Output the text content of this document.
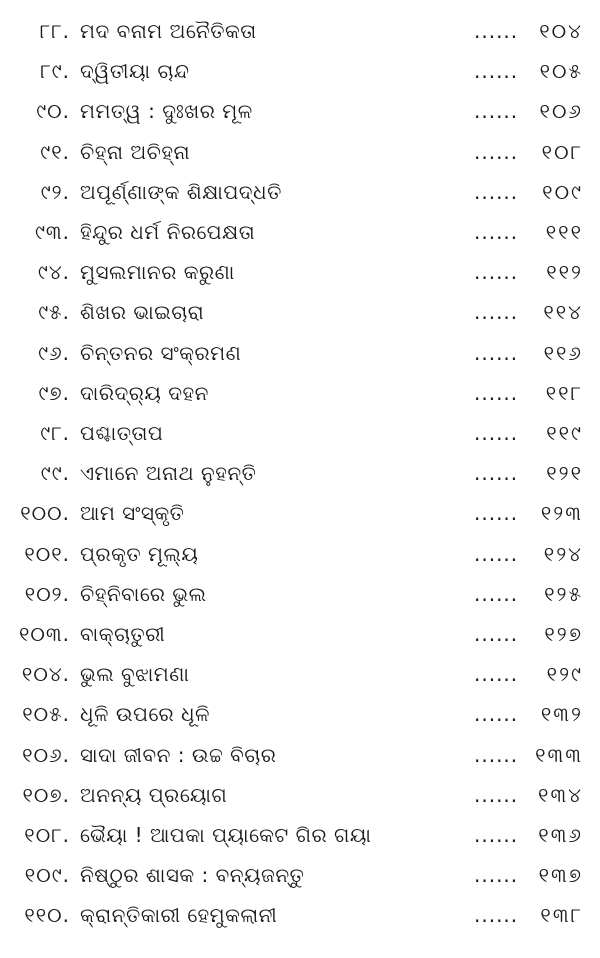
୮୮. ମଦ ବନାମ ଅନୈତିକତା	...... ୧୦୪
୮୯. ଦ୍ୱିତୀୟା ଚାନ୍ଦ	...... ୧୦୫
୯୦. ମମତ୍ୱ : ଦୁଃଖର ମୂଳ	...... ୧୦୬
୯୧. ଚିହ୍ନା ଅଚିହ୍ନା	...... ୧୦୮
୯୨. ଅପୂର୍ଣ୍ଣାଙ୍କ ଶିକ୍ଷାପଦ୍ଧତି	...... ୧୦୯
୯୩. ହିନ୍ଦୁର ଧର୍ମ ନିରପେକ୍ଷତା	...... ୧୧୧
୯୪. ମୁସଲମାନର କରୁଣା	...... ୧୧୨
୯୫. ଶିଖର ଭାଇଚାରା	...... ୧୧୪
୯୬. ଚିନ୍ତନର ସଂକ୍ରମଣ	...... ୧୧୬
୯୭. ଦାରିଦ୍ର୍ୟ ଦହନ	...... ୧୧୮
୯୮. ପଶ୍ଚାତ୍ତାପ	...... ୧୧୯
୯୯. ଏମାନେ ଅନାଥ ନୁହନ୍ତି	...... ୧୨୧
୧୦୦. ଆମ ସଂସ୍କୃତି	...... ୧୨୩
୧୦୧. ପ୍ରକୃତ ମୂଲ୍ୟ	...... ୧୨୪
୧୦୨. ଚିହ୍ନିବାରେ ଭୁଲ	...... ୧୨୫
୧୦୩. ବାକ୍‌ଚାତୁରୀ	...... ୧୨୭
୧୦୪. ଭୁଲ ବୁଝାମଣା	...... ୧୨୯
୧୦୫. ଧୂଳି ଉପରେ ଧୂଳି	...... ୧୩୨
୧୦୬. ସାଦା ଜୀବନ : ଉଚ୍ଚ ବିଚାର	...... ୧୩୩
୧୦୭. ଅନନ୍ୟ ପ୍ରୟୋଗ	...... ୧୩୪
୧୦୮. ଭୈୟା ! ଆପକା ପ୍ୟାକେଟ ଗିର ଗୟା	...... ୧୩୬
୧୦୯. ନିଷ୍ଠୁର ଶାସକ : ବନ୍ୟଜନ୍ତୁ	...... ୧୩୭
୧୧୦. କ୍ରାନ୍ତିକାରୀ ହେମୁକଲାନୀ	...... ୧୩୮
